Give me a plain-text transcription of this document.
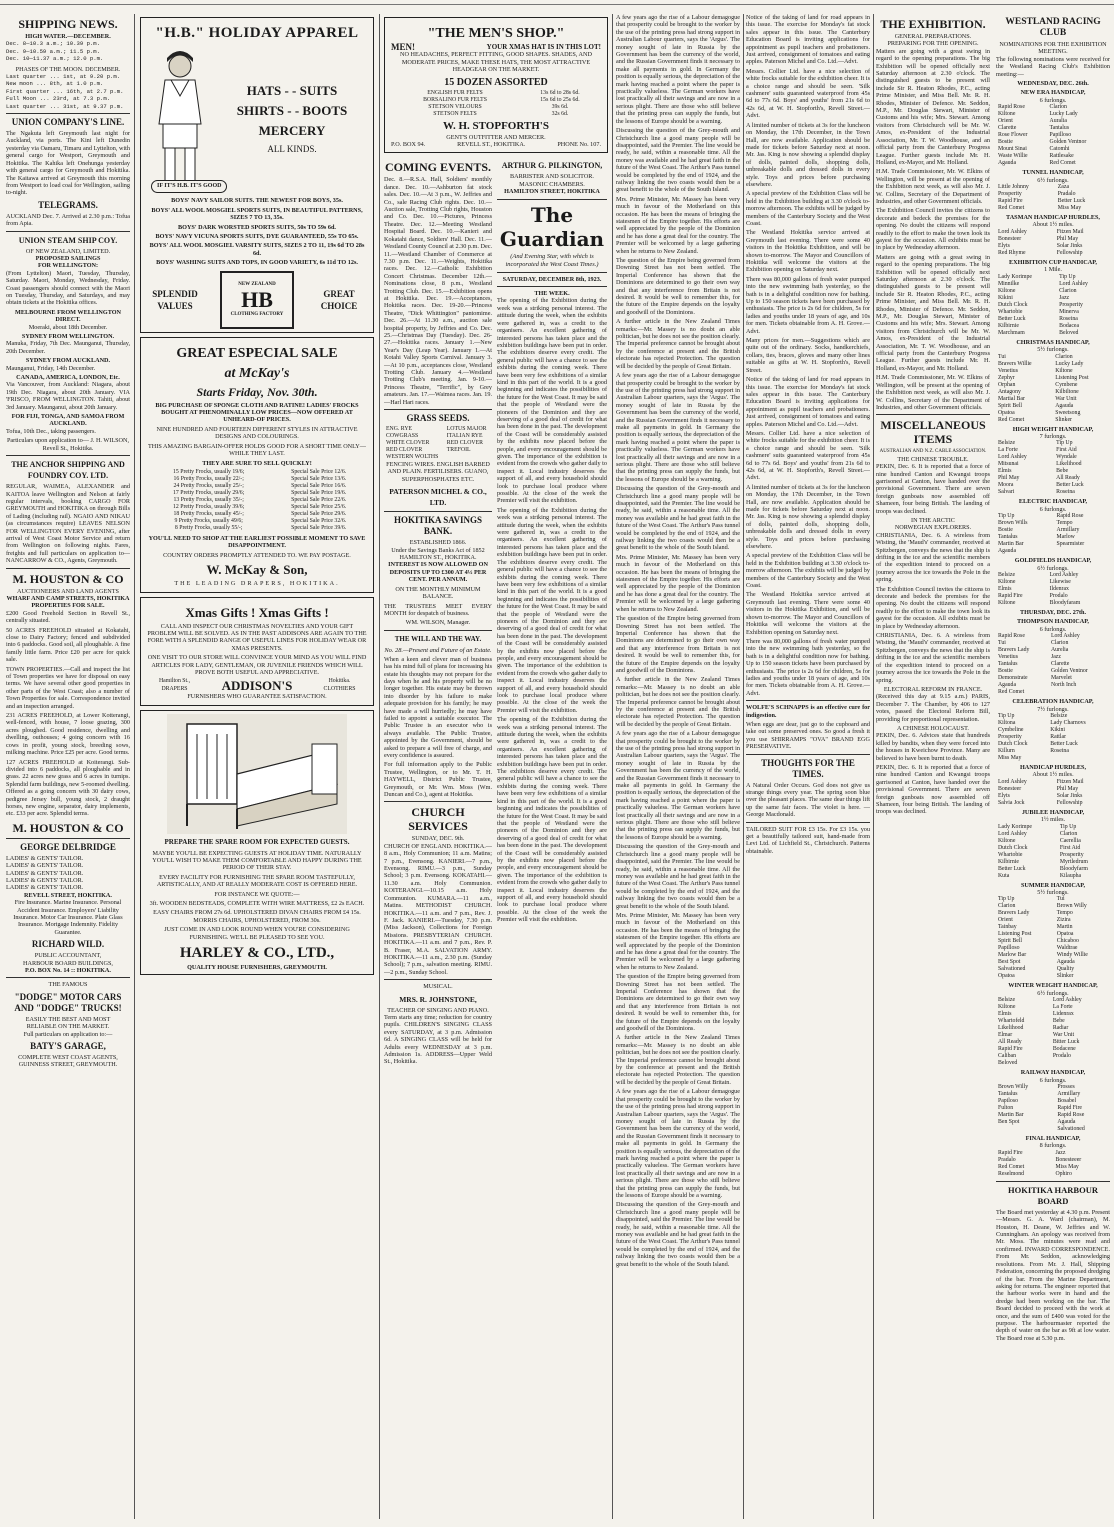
SHIPPING NEWS.
HIGH WATER.—DECEMBER.

Dec. 8—10.3 a.m.; 10.39 p.m.

Dec. 9—10.59 a.m.; 11.5 p.m.

Dec. 10—11.37 a.m.; 12.0 p.m.

PHASES OF THE MOON. DECEMBER.

Last quarter ... 1st, at 9.20 p.m.

New moon ... 8th, at 1.0 p.m.

First quarter ... 16th, at 2.7 p.m.

Full Moon ... 23rd, at 7.3 p.m.

Last quarter ... 31st, at 9.37 p.m.

UNION COMPANY'S LINE.

The Ngakuta left Greymouth last night for Auckland, via ports. The Kini left Dunedin yesterday via Oamaru, Timaru and Lyttelton, with general cargo for Westport, Greymouth and Hokitika. The Kahika left Onehunga yesterday with general cargo for Greymouth and Hokitika. The Kaitawa arrived at Greymouth this morning from Westport to load coal for Wellington, sailing to-night.

TELEGRAMS.

AUCKLAND Dec. 7. Arrived at 2.30 p.m.: Tofua from Apia.

UNION STEAM SHIP COY.
OF NEW ZEALAND, LIMITED.
PROPOSED SAILINGS
FOR WELLINGTON:

(From Lyttelton) Maori, Tuesday, Thursday, Saturday. Maori, Monday, Wednesday, Friday. Coast passengers should connect with the Maori on Tuesday, Thursday, and Saturdays, and may obtain tickets at the Hokitika offices.

MELBOURNE FROM WELLINGTON DIRECT.

Moeraki, about 18th December.

SYDNEY FROM WELLINGTON.

Manuka, Friday, 7th Dec. Maunganui, Thursday, 20th December.

SYDNEY FROM AUCKLAND.

Maunganui, Friday, 14th December.

CANADA, AMERICA, LONDON, Etc.

Via Vancouver, from Auckland: Niagara, about 19th Dec. Niagara, about 20th January. VIA 'FRISCO, FROM WELLINGTON. Tahiti, about 3rd January. Maunganui, about 20th January.

FOR FIJI, TONGA, AND SAMOA FROM AUCKLAND.

Tofua, 10th Dec., taking passengers.

Particulars upon application to— J. H. WILSON, Revell St., Hokitika.

THE ANCHOR SHIPPING AND FOUNDRY COY. LTD.

REGULAR, WAIMEA, ALEXANDER and KAITOA leave Wellington and Nelson at fairly regular intervals, booking CARGO FOR GREYMOUTH and HOKITIKA on through Bills of Lading (including rail). NGAIO AND NIKAU (as circumstances require) LEAVES NELSON FOR WELLINGTON EVERY EVENING, after arrival of West Coast Motor Service and return from Wellington on following nights. Fares, freights and full particulars on application to— NANCARROW & CO., Agents, Greymouth.

M. HOUSTON & CO
AUCTIONEERS AND LAND AGENTS
WHARF AND CAMP STREETS, HOKITIKA
PROPERTIES FOR SALE.

£200 Good Freehold Section in Revell St., centrally situated.

50 ACRES FREEHOLD situated at Kokatahi, close to Dairy Factory; fenced and subdivided into 6 paddocks. Good soil, all ploughable. A fine family little farm. Price £20 per acre for quick sale.

TOWN PROPERTIES.—Call and inspect the list of Town properties we have for disposal on easy terms. We have several other good properties in other parts of the West Coast; also a number of Town Properties for sale. Correspondence invited and an inspection arranged.

231 ACRES FREEHOLD, at Lower Kotterangi, well-fenced, with house, 7 loose grazing, 300 acres ploughed. Good residence, dwelling and dwelling, outhouses; 4 going concern with 16 cows in profit, young stock, breeding sows, milking machine. Price £25 per acre. Good terms.

127 ACRES FREEHOLD at Koiterangi. Sub-divided into 6 paddocks, all ploughable and in grass. 22 acres new grass and 6 acres in turnips. Splendid farm buildings, new 5-roomed dwelling. Offered as a going concern with 30 dairy cows, pedigree Jersey bull, young stock, 2 draught horses, new engine, separator, dairy implements, etc. £33 per acre. Splendid terms.

M. HOUSTON & CO
GEORGE DELBRIDGE

LADIES' & GENTS' TAILOR.

LADIES' & GENTS' TAILOR.

LADIES' & GENTS' TAILOR.

LADIES' & GENTS' TAILOR.

LADIES' & GENTS' TAILOR.

REVELL STREET, HOKITIKA.

Fire Insurance. Marine Insurance. Personal Accident Insurance. Employers' Liability Insurance. Motor Car Insurance. Plate Glass Insurance. Mortgage Indemnity. Fidelity Guarantee.

RICHARD WILD.
PUBLIC ACCOUNTANT,
HARBOUR BOARD BUILDINGS,
P.O. BOX No. 14 :: HOKITIKA.
THE FAMOUS
"DODGE" MOTOR CARS AND "DODGE" TRUCKS!
EASILY THE BEST AND MOST
RELIABLE ON THE MARKET.
Full particulars on application to:—
BATY'S GARAGE,
COMPLETE WEST COAST AGENTS,
GUINNESS STREET, GREYMOUTH.
"H.B." HOLIDAY APPAREL
HATS - - SUITS
SHIRTS - - BOOTS
MERCERY
ALL KINDS.
IF IT'S H.B. IT'S GOOD

BOYS' NAVY SAILOR SUITS. THE NEWEST FOR BOYS, 35s.

BOYS' ALL WOOL MOSGIEL SPORTS SUITS, IN BEAUTIFUL PATTERNS, SIZES 7 TO 13, 35s.

BOYS' DARK WORSTED SPORTS SUITS, 50s TO 59s 6d.

BOYS' NAVY VICUNA SPORTS SUITS, DYE GUARANTEED, 55s TO 65s.

BOYS' ALL WOOL MOSGIEL VARSITY SUITS, SIZES 2 TO 11, 19s 6d TO 28s 6d.

BOYS' WASHING SUITS AND TOPS, IN GOOD VARIETY, 6s 11d TO 12s.

SPLENDID
VALUES
NEW ZEALAND
HB
CLOTHING FACTORY
GREAT
CHOICE
GREAT ESPECIAL SALE
at McKay's
Starts Friday, Nov. 30th.

BIG PURCHASE OF SPONGE CLOTH AND RATINE! LADIES' FROCKS BOUGHT AT PHENOMINALLY LOW PRICES—NOW OFFERED AT UNHEARD-OF PRICES.

NINE HUNDRED AND FOURTEEN DIFFERENT STYLES IN ATTRACTIVE DESIGNS AND COLOURINGS.

THIS AMAZING BARGAIN-OFFER HOLDS GOOD FOR A SHORT TIME ONLY—WHILE THEY LAST.

THEY ARE SURE TO SELL QUICKLY!

15 Pretty Frocks, usually 19/6;	Special Sale Price 12/6.
16 Pretty Frocks, usually 22/-;	Special Sale Price 13/6.
24 Pretty Frocks, usually 25/-;	Special Sale Price 16/6.
17 Pretty Frocks, usually 29/6;	Special Sale Price 19/6.
13 Pretty Frocks, usually 35/-;	Special Sale Price 22/6.
12 Pretty Frocks, usually 39/6;	Special Sale Price 25/6.
18 Pretty Frocks, usually 45/-;	Special Sale Price 29/6.
9 Pretty Frocks, usually 49/6;	Special Sale Price 32/6.
8 Pretty Frocks, usually 55/-;	Special Sale Price 39/6.

YOU'LL NEED TO SHOP AT THE EARLIEST POSSIBLE MOMENT TO SAVE DISAPPOINTMENT.

COUNTRY ORDERS PROMPTLY ATTENDED TO. WE PAY POSTAGE.

W. McKay & Son,
THE LEADING DRAPERS, HOKITIKA.
Xmas Gifts ! Xmas Gifts !

CALL AND INSPECT OUR CHRISTMAS NOVELTIES AND YOUR GIFT PROBLEM WILL BE SOLVED. AS IN THE PAST ADDISONS ARE AGAIN TO THE FORE WITH A SPLENDID RANGE OF USEFUL LINES FOR HOLIDAY WEAR OR XMAS PRESENTS.

ONE VISIT TO OUR STORE WILL CONVINCE YOUR MIND AS YOU WILL FIND ARTICLES FOR LADY, GENTLEMAN, OR JUVENILE FRIENDS WHICH WILL PROVE BOTH USEFUL AND APPRECIATIVE.

Hamilton St., DRAPERS	ADDISON'S	Hokitika. CLOTHIERS
FURNISHERS WHO GUARANTEE SATISFACTION.
PREPARE THE SPARE ROOM FOR EXPECTED GUESTS.

MAYBE YOU'LL BE EXPECTING GUESTS AT HOLIDAY TIME. NATURALLY YOU'LL WISH TO MAKE THEM COMFORTABLE AND HAPPY DURING THE PERIOD OF THEIR STAY.

EVERY FACILITY FOR FURNISHING THE SPARE ROOM TASTEFULLY, ARTISTICALLY, AND AT REALLY MODERATE COST IS OFFERED HERE.

FOR INSTANCE WE QUOTE:—

3ft. WOODEN BEDSTEADS, COMPLETE WITH WIRE MATTRESS, £2 2s EACH.

EASY CHAIRS FROM 27s 6d. UPHOLSTERED DIVAN CHAIRS FROM £4 15s. MORRIS CHAIRS, UPHOLSTERED, FROM 30s.

JUST COME IN AND LOOK ROUND WHEN YOU'RE CONSIDERING FURNISHING. WE'LL BE PLEASED TO SEE YOU.

HARLEY & CO., LTD.,
QUALITY HOUSE FURNISHERS, GREYMOUTH.
"THE MEN'S SHOP."
MEN!	YOUR XMAS HAT IS IN THIS LOT!

NO HEADACHES, PERFECT FITTING, GOOD SHAPES. SHADES, AND MODERATE PRICES, MAKE THESE HATS, THE MOST ATTRACTIVE HEADGEAR ON THE MARKET.

15 DOZEN ASSORTED
ENGLISH FUR FELTS	13s 6d to 28s 6d.
BORSALINO FUR FELTS	15s 6d to 25s 6d.
STETSON VELOURS	39s 6d.
STETSON FELTS	32s 6d.
W. H. STOPFORTH'S
GENT'S OUTFITTER AND MERCER.
P.O. BOX 94.	REVELL ST., HOKITIKA.	PHONE No. 107.
COMING EVENTS.

Dec. 8.—R.S.A. Hall, Soldiers' monthly dance. Dec. 10.—Ashburton fat stock sales. Dec. 10.—At 3 p.m., W. Jeffries and Co., sale Racing Club rights. Dec. 10.—Auction sale, Trotting Club rights, Houston and Co. Dec. 10.—Pictures, Princess Theatre. Dec. 12.—Meeting Westland Hospital Board. Dec. 10.—Kanieri and Kokatahi dance, Soldiers' Hall. Dec. 11.—Westland County Council at 2.30 p.m. Dec. 11.—Westland Chamber of Commerce at 7.30 p.m. Dec. 11.—Weights, Hokitika races. Dec. 12.—Catholic Exhibition Concert Christmas. December 12th.—Nominations close, 8 p.m., Westland Trotting Club. Dec. 15.—Exhibition opens at Hokitika. Dec. 19.—Acceptances, Hokitika races. Dec. 19-20.—Princess Theatre, "Dick Whittington" pantomime. Dec. 26.—At 11.30 a.m., auction sale hospital property, by Jeffries and Co. Dec. 25.—Christmas Day (Tuesday). Dec. 26-27.—Hokitika races. January 1.—New Year's Day (Leap Year). January 1.—At Kotahi Valley Sports Carnival. January 3.—At 10 p.m., acceptances close, Westland Trotting Club. January 4.—Westland Trotting Club's meeting. Jan. 9-10.—Princess Theatre, "Terrific", by Grey amateurs. Jan. 17.—Waimea races. Jan. 19.—Harl Hari races.

GRASS SEEDS.
ENG. RYE	LOTUS MAJOR
COWGRASS	ITALIAN RYE
WHITE CLOVER	RED CLOVER
RED CLOVER	TREFOIL
WESTERN WOLTHS	

FENCING WIRES. ENGLISH BARBED AND PLAIN. FERTILISERS. GUANO, SUPERPHOSPHATES ETC.

PATERSON MICHEL & CO., LTD.
HOKITIKA SAVINGS BANK.
ESTABLISHED 1866.
Under the Savings Banks Act of 1852
HAMILTON ST., HOKITIKA.

INTEREST IS NOW ALLOWED ON DEPOSITS UP TO £300 AT 4½ PER CENT. PER ANNUM.

ON THE MONTHLY MINIMUM BALANCE.

THE TRUSTEES MEET EVERY MONTH for despatch of business.

WM. WILSON, Manager.

THE WILL AND THE WAY.
No. 28.—Present and Future of an Estate.

When a keen and clever man of business has his mind full of plans for increasing his estate his thoughts may not prepare for the days when he and his property will be no longer together. His estate may be thrown into disorder by his failure to make adequate provision for his family; he may have made a will hurriedly; he may have failed to appoint a suitable executor. The Public Trustee is an executor who is always available. The Public Trustee, appointed by the Government, should be asked to prepare a will free of charge, and every confidence is assured.

For full information apply to the Public Trustee, Wellington, or to Mr. T. H. HAYWELL, District Public Trustee, Greymouth, or Mr. Wm. Moss (Wm. Duncan and Co.), agent at Hokitika.

CHURCH SERVICES
SUNDAY, DEC. 9th.

CHURCH OF ENGLAND. HOKITIKA.—8 a.m., Holy Communion; 11 a.m. Matins; 7 p.m., Evensong. KANIERI.—7 p.m., Evensong. RIMU.—3 p.m., Sunday School; 3 p.m. Evensong. KOKATAHI.—11.30 a.m. Holy Communion. KOITERANGI.—10.15 a.m. Holy Communion. KUMARA.—11 a.m., Matins. METHODIST CHURCH. HOKITIKA.—11 a.m. and 7 p.m., Rev. J. F. Jack. KANIERI.—Tuesday, 7.30 p.m. (Miss Jackson), Collections for Foreign Missions. PRESBYTERIAN CHURCH. HOKITIKA.—11 a.m. and 7 p.m., Rev. P. B. Fraser, M.A. SALVATION ARMY. HOKITIKA.—11 a.m., 2.30 p.m. (Sunday School); 7 p.m., salvation meeting. RIMU.—2 p.m., Sunday School.

MUSICAL.
MRS. R. JOHNSTONE,
TEACHER OF SINGING AND PIANO.

Term starts any time; reduction for country pupils. CHILDREN'S SINGING CLASS every SATURDAY, at 3 p.m. Admission 6d. A SINGING CLASS will be held for Adults every WEDNESDAY at 3 p.m. Admission 1s. ADDRESS—Upper Weld St., Hokitika.

ARTHUR G. PILKINGTON,
BARRISTER AND SOLICITOR.
MASONIC CHAMBERS.
HAMILTON STREET, HOKITIKA
The Guardian
(And Evening Star, with which is incorporated the West Coast Times.)
SATURDAY, DECEMBER 8th, 1923.
THE WEEK.

The opening of the Exhibition during the week was a striking personal interest. The attitude during the week, when the exhibits were gathered in, was a credit to the organisers. An excellent gathering of interested persons has taken place and the exhibition buildings have been put in order. The exhibitors deserve every credit. The general public will have a chance to see the exhibits during the coming week. There have been very few exhibitions of a similar kind in this part of the world. It is a good beginning and indicates the possibilities of the future for the West Coast. It may be said that the people of Westland were the pioneers of the Dominion and they are deserving of a good deal of credit for what has been done in the past. The development of the Coast will be considerably assisted by the exhibits now placed before the people, and every encouragement should be given. The importance of the exhibition is evident from the crowds who gather daily to inspect it. Local industry deserves the support of all, and every household should look to purchase local produce where possible. At the close of the week the Premier will visit the exhibition.

The opening of the Exhibition during the week was a striking personal interest. The attitude during the week, when the exhibits were gathered in, was a credit to the organisers. An excellent gathering of interested persons has taken place and the exhibition buildings have been put in order. The exhibitors deserve every credit. The general public will have a chance to see the exhibits during the coming week. There have been very few exhibitions of a similar kind in this part of the world. It is a good beginning and indicates the possibilities of the future for the West Coast. It may be said that the people of Westland were the pioneers of the Dominion and they are deserving of a good deal of credit for what has been done in the past. The development of the Coast will be considerably assisted by the exhibits now placed before the people, and every encouragement should be given. The importance of the exhibition is evident from the crowds who gather daily to inspect it. Local industry deserves the support of all, and every household should look to purchase local produce where possible. At the close of the week the Premier will visit the exhibition.

The opening of the Exhibition during the week was a striking personal interest. The attitude during the week, when the exhibits were gathered in, was a credit to the organisers. An excellent gathering of interested persons has taken place and the exhibition buildings have been put in order. The exhibitors deserve every credit. The general public will have a chance to see the exhibits during the coming week. There have been very few exhibitions of a similar kind in this part of the world. It is a good beginning and indicates the possibilities of the future for the West Coast. It may be said that the people of Westland were the pioneers of the Dominion and they are deserving of a good deal of credit for what has been done in the past. The development of the Coast will be considerably assisted by the exhibits now placed before the people, and every encouragement should be given. The importance of the exhibition is evident from the crowds who gather daily to inspect it. Local industry deserves the support of all, and every household should look to purchase local produce where possible. At the close of the week the Premier will visit the exhibition.

A few years ago the rise of a Labour demagogue that prosperity could be brought to the worker by the use of the printing press had strong support in Australian Labour quarters, says the 'Argus'. The money sought of late in Russia by the Government has been the currency of the world, and the Russian Government finds it necessary to make all payments in gold. In Germany the position is equally serious, the depreciation of the mark having reached a point where the paper is practically valueless. The German workers have lost practically all their savings and are now in a serious plight. There are those who still believe that the printing press can supply the funds, but the lessons of Europe should be a warning.

Discussing the question of the Grey-mouth and Christchurch line a good many people will be disappointed, said the Premier. The line would be ready, he said, within a reasonable time. All the money was available and he had great faith in the future of the West Coast. The Arthur's Pass tunnel would be completed by the end of 1924, and the railway linking the two coasts would then be a great benefit to the whole of the South Island.

Mrs. Prime Minister, Mr. Massey has been very much in favour of the Motherland on this occasion. He has been the means of bringing the statesmen of the Empire together. His efforts are well appreciated by the people of the Dominion and he has done a great deal for the country. The Premier will be welcomed by a large gathering when he returns to New Zealand.

The question of the Empire being governed from Downing Street has not been settled. The Imperial Conference has shown that the Dominions are determined to go their own way and that any interference from Britain is not desired. It would be well to remember this, for the future of the Empire depends on the loyalty and goodwill of the Dominions.

A further article in the New Zealand Times remarks:—Mr. Massey is no doubt an able politician, but he does not see the position clearly. The Imperial preference cannot be brought about by the conference at present and the British electorate has rejected Protection. The question will be decided by the people of Great Britain.

A few years ago the rise of a Labour demagogue that prosperity could be brought to the worker by the use of the printing press had strong support in Australian Labour quarters, says the 'Argus'. The money sought of late in Russia by the Government has been the currency of the world, and the Russian Government finds it necessary to make all payments in gold. In Germany the position is equally serious, the depreciation of the mark having reached a point where the paper is practically valueless. The German workers have lost practically all their savings and are now in a serious plight. There are those who still believe that the printing press can supply the funds, but the lessons of Europe should be a warning.

Discussing the question of the Grey-mouth and Christchurch line a good many people will be disappointed, said the Premier. The line would be ready, he said, within a reasonable time. All the money was available and he had great faith in the future of the West Coast. The Arthur's Pass tunnel would be completed by the end of 1924, and the railway linking the two coasts would then be a great benefit to the whole of the South Island.

Mrs. Prime Minister, Mr. Massey has been very much in favour of the Motherland on this occasion. He has been the means of bringing the statesmen of the Empire together. His efforts are well appreciated by the people of the Dominion and he has done a great deal for the country. The Premier will be welcomed by a large gathering when he returns to New Zealand.

The question of the Empire being governed from Downing Street has not been settled. The Imperial Conference has shown that the Dominions are determined to go their own way and that any interference from Britain is not desired. It would be well to remember this, for the future of the Empire depends on the loyalty and goodwill of the Dominions.

A further article in the New Zealand Times remarks:—Mr. Massey is no doubt an able politician, but he does not see the position clearly. The Imperial preference cannot be brought about by the conference at present and the British electorate has rejected Protection. The question will be decided by the people of Great Britain.

A few years ago the rise of a Labour demagogue that prosperity could be brought to the worker by the use of the printing press had strong support in Australian Labour quarters, says the 'Argus'. The money sought of late in Russia by the Government has been the currency of the world, and the Russian Government finds it necessary to make all payments in gold. In Germany the position is equally serious, the depreciation of the mark having reached a point where the paper is practically valueless. The German workers have lost practically all their savings and are now in a serious plight. There are those who still believe that the printing press can supply the funds, but the lessons of Europe should be a warning.

Discussing the question of the Grey-mouth and Christchurch line a good many people will be disappointed, said the Premier. The line would be ready, he said, within a reasonable time. All the money was available and he had great faith in the future of the West Coast. The Arthur's Pass tunnel would be completed by the end of 1924, and the railway linking the two coasts would then be a great benefit to the whole of the South Island.

Mrs. Prime Minister, Mr. Massey has been very much in favour of the Motherland on this occasion. He has been the means of bringing the statesmen of the Empire together. His efforts are well appreciated by the people of the Dominion and he has done a great deal for the country. The Premier will be welcomed by a large gathering when he returns to New Zealand.

The question of the Empire being governed from Downing Street has not been settled. The Imperial Conference has shown that the Dominions are determined to go their own way and that any interference from Britain is not desired. It would be well to remember this, for the future of the Empire depends on the loyalty and goodwill of the Dominions.

A further article in the New Zealand Times remarks:—Mr. Massey is no doubt an able politician, but he does not see the position clearly. The Imperial preference cannot be brought about by the conference at present and the British electorate has rejected Protection. The question will be decided by the people of Great Britain.

A few years ago the rise of a Labour demagogue that prosperity could be brought to the worker by the use of the printing press had strong support in Australian Labour quarters, says the 'Argus'. The money sought of late in Russia by the Government has been the currency of the world, and the Russian Government finds it necessary to make all payments in gold. In Germany the position is equally serious, the depreciation of the mark having reached a point where the paper is practically valueless. The German workers have lost practically all their savings and are now in a serious plight. There are those who still believe that the printing press can supply the funds, but the lessons of Europe should be a warning.

Discussing the question of the Grey-mouth and Christchurch line a good many people will be disappointed, said the Premier. The line would be ready, he said, within a reasonable time. All the money was available and he had great faith in the future of the West Coast. The Arthur's Pass tunnel would be completed by the end of 1924, and the railway linking the two coasts would then be a great benefit to the whole of the South Island.

Notice of the taking of land for road appears in this issue. The exercise for Monday's fat stock sales appear in this issue. The Canterbury Education Board is inviting applications for appointment as pupil teachers and probationers. Just arrived, consignment of tomatoes and eating apples. Paterson Michel and Co. Ltd.—Advt.

Messrs. Collier Ltd. have a nice selection of white frocks suitable for the exhibition cheer. It is a choice range and should be seen. 'Silk cashmere' suits guaranteed waterproof from 45s 6d to 77s 6d. Boys' and youths' from 21s 6d to 42s 6d, at W. H. Stopforth's, Revell Street.—Advt.

A limited number of tickets at 3s for the luncheon on Monday, the 17th December, in the Town Hall, are now available. Application should be made for tickets before Saturday next at noon. Mr. Jas. King is now showing a splendid display of dolls, painted dolls, shopping dolls, unbreakable dolls and dressed dolls in every style. Toys and prices before purchasing elsewhere.

A special preview of the Exhibition Class will be held in the Exhibition building at 3.30 o'clock to-morrow afternoon. The exhibits will be judged by members of the Canterbury Society and the West Coast.

The Westland Hokitika service arrived at Greymouth last evening. There were some 40 visitors in the Hokitika Exhibition, and will be shown to-morrow. The Mayor and Councillors of Hokitika will welcome the visitors at the Exhibition opening on Saturday next.

There was 80,000 gallons of fresh water pumped into the new swimming bath yesterday, so the bath is in a delightful condition now for bathing. Up to 150 season tickets have been purchased by enthusiasts. The price is 2s 6d for children, 5s for ladies and youths under 18 years of age, and 10s for men. Tickets obtainable from A. H. Grove.—Advt.

Many prices for men.—Suggestions which are quite out of the ordinary. Socks, handkerchiefs, collars, ties, braces, gloves and many other lines suitable as gifts at W. H. Stopforth's, Revell Street.

Notice of the taking of land for road appears in this issue. The exercise for Monday's fat stock sales appear in this issue. The Canterbury Education Board is inviting applications for appointment as pupil teachers and probationers. Just arrived, consignment of tomatoes and eating apples. Paterson Michel and Co. Ltd.—Advt.

Messrs. Collier Ltd. have a nice selection of white frocks suitable for the exhibition cheer. It is a choice range and should be seen. 'Silk cashmere' suits guaranteed waterproof from 45s 6d to 77s 6d. Boys' and youths' from 21s 6d to 42s 6d, at W. H. Stopforth's, Revell Street.—Advt.

A limited number of tickets at 3s for the luncheon on Monday, the 17th December, in the Town Hall, are now available. Application should be made for tickets before Saturday next at noon. Mr. Jas. King is now showing a splendid display of dolls, painted dolls, shopping dolls, unbreakable dolls and dressed dolls in every style. Toys and prices before purchasing elsewhere.

A special preview of the Exhibition Class will be held in the Exhibition building at 3.30 o'clock to-morrow afternoon. The exhibits will be judged by members of the Canterbury Society and the West Coast.

The Westland Hokitika service arrived at Greymouth last evening. There were some 40 visitors in the Hokitika Exhibition, and will be shown to-morrow. The Mayor and Councillors of Hokitika will welcome the visitors at the Exhibition opening on Saturday next.

There was 80,000 gallons of fresh water pumped into the new swimming bath yesterday, so the bath is in a delightful condition now for bathing. Up to 150 season tickets have been purchased by enthusiasts. The price is 2s 6d for children, 5s for ladies and youths under 18 years of age, and 10s for men. Tickets obtainable from A. H. Grove.—Advt.

WOLFE'S SCHNAPPS is an effective cure for indigestion.

When eggs are dear, just go to the cupboard and take out some preserved ones. So good a fresh it you use SHIRRAMPS "OVA" BRAND EGG PRESERVATIVE.

THOUGHTS FOR THE TIMES.

A Natural Order Occurs. God does not give us strange things every year. The spring soon blue over the pleasant places. The same dear things lift up the same fair faces. The violet is here. —George Macdonald.

TAILORED SUIT FOR £3 15s. For £3 15s. you get a beautifully tailored suit, hand-made from Levi Ltd. of Lichfield St., Christchurch. Patterns obtainable.

THE EXHIBITION.
GENERAL PREPARATIONS.
PREPARING FOR THE OPENING.

Matters are going with a great swing in regard to the opening preparations. The big Exhibition will be opened officially next Saturday afternoon at 2.30 o'clock. The distinguished guests to be present will include Sir R. Heaton Rhodes, P.C., acting Prime Minister, and Miss Bell. Mr. R. H. Rhodes, Minister of Defence. Mr. Seddon, M.P., Mr. Douglas Stewart, Minister of Customs and his wife; Mrs. Stewart. Among visitors from Christchurch will be Mr. W. Amos, ex-President of the Industrial Association, Mr. T. W. Woodhouse, and an official party from the Canterbury Progress League. Further guests include Mr. H. Holland, ex-Mayor, and Mr. Holland.

H.M. Trade Commissioner, Mr. W. Elkins of Wellington, will be present at the opening of the Exhibition next week, as will also Mr. J. W. Collins, Secretary of the Department of Industries, and other Government officials.

The Exhibition Council invites the citizens to decorate and bedeck the premises for the opening. No doubt the citizens will respond readily to the effort to make the town look its gayest for the occasion. All exhibits must be in place by Wednesday afternoon.

Matters are going with a great swing in regard to the opening preparations. The big Exhibition will be opened officially next Saturday afternoon at 2.30 o'clock. The distinguished guests to be present will include Sir R. Heaton Rhodes, P.C., acting Prime Minister, and Miss Bell. Mr. R. H. Rhodes, Minister of Defence. Mr. Seddon, M.P., Mr. Douglas Stewart, Minister of Customs and his wife; Mrs. Stewart. Among visitors from Christchurch will be Mr. W. Amos, ex-President of the Industrial Association, Mr. T. W. Woodhouse, and an official party from the Canterbury Progress League. Further guests include Mr. H. Holland, ex-Mayor, and Mr. Holland.

H.M. Trade Commissioner, Mr. W. Elkins of Wellington, will be present at the opening of the Exhibition next week, as will also Mr. J. W. Collins, Secretary of the Department of Industries, and other Government officials.

MISCELLANEOUS ITEMS
AUSTRALIAN AND N.Z. CABLE ASSOCIATION.
THE CHINESE TROUBLE.

PEKIN, Dec. 6. It is reported that a force of nine hundred Canton and Kwangsi troops garrisoned at Canton, have handed over the provisional Government. There are seven foreign gunboats now assembled off Shameen, four being British. The landing of troops was declined.

IN THE ARCTIC
NORWEGIAN EXPLORERS.

CHRISTIANIA, Dec. 6. A wireless from Wisting, the 'Maud's' commander, received at Spitzbergen, conveys the news that the ship is drifting in the ice and the scientific members of the expedition intend to proceed on a journey across the ice towards the Pole in the spring.

The Exhibition Council invites the citizens to decorate and bedeck the premises for the opening. No doubt the citizens will respond readily to the effort to make the town look its gayest for the occasion. All exhibits must be in place by Wednesday afternoon.

CHRISTIANIA, Dec. 6. A wireless from Wisting, the 'Maud's' commander, received at Spitzbergen, conveys the news that the ship is drifting in the ice and the scientific members of the expedition intend to proceed on a journey across the ice towards the Pole in the spring.

ELECTORAL REFORM IN FRANCE.

(Received this day at 9.15 a.m.) PARIS, December 7. The Chamber, by 406 to 127 votes, passed the Electoral Reform Bill, providing for proportional representation.

A CHINESE HOLOCAUST.

PEKIN, Dec. 6. Advices state that hundreds killed by bandits, when they were forced into the houses in Kweichow Province. Many are believed to have been burnt to death.

PEKIN, Dec. 6. It is reported that a force of nine hundred Canton and Kwangsi troops garrisoned at Canton, have handed over the provisional Government. There are seven foreign gunboats now assembled off Shameen, four being British. The landing of troops was declined.

WESTLAND RACING CLUB
NOMINATIONS FOR THE EXHIBITION MEETING.

The following nominations were received for the Westland Racing Club's Exhibition meeting:—

WEDNESDAY, DEC. 26th.
NEW ERA HANDICAP,
6 furlongs.
Rapid Rose	Clarion
Kiltone	Lucky Lady
Orient	Auralia
Clarette	Tantalus
Rose Flower	Papilloso
Bostie	Golden Ventnor
Mount Sinai	Catomhi
Waste Willie	Rattlesake
Agauda	Red Comet
TUNNEL HANDICAP,
6½ furlongs.
Little Johnny	Zaza
Prosperity	Pradalo
Rapid Fire	Better Luck
Red Comet	Miss May
TASMAN HANDICAP HURDLES,
About 1½ miles.
Lord Ashley	Fitzen Mail
Bonesteer	Phil May
Elyts	Solar Jinks
Red Rhyme	Fellowship
EXHIBITION CUP HANDICAP,
1 Mile.
Lady Korimpe	Tip Up
Minnilke	Lord Ashley
Kiltone	Clarion
Kikini	Jazz
Dutch Clock	Prosperity
Whartobie	Minerva
Better Luck	Roseina
Kilbirnie	Bodacea
Marchmam	Beloved
CHRISTMAS HANDICAP,
5½ furlongs.
Tui	Clarion
Bravers Willie	Lucky Lady
Venetius	Kiltone
Zephyr	Listening Post
Orphan	Cymbene
Antagony	Kilbiltone
Martial Bar	War Unit
Spirit Bell	Agauda
Opatoa	Sweetsong
Red Comet	Slinker
HIGH WEIGHT HANDICAP,
7 furlongs.
Belsize	Tip Up
La Forte	First Aid
Lord Ashley	Wyndale
Mitsunai	Likelihood
Elmis	Bebe
Phil May	All Ready
Moora	Better Luck
Salvari	Roseina
ELECTRIC HANDICAP,
6 furlongs.
Tip Up	Rapid Rose
Brown Wills	Tempo
Bostie	Armillary
Tantalus	Marlow
Martin Bar	Spearmister
Agauda	
GOLDFIELDS HANDICAP,
6½ furlongs.
Belsize	Lord Ashley
Kiltone	Likewise
Elmis	Ildenrax
Rapid Fire	Prodalo
Kiltone	Bloodyfaram
THURSDAY, DEC. 27th.
THOMPSON HANDICAP,
6 furlongs.
Rapid Rose	Lord Ashley
Tui	Clarion
Bravers Lady	Aurelia
Venetius	Jazz
Tantalus	Clarette
Bostie	Golden Ventnor
Demonstrate	Marvelet
Agauda	North Inch
Red Comet	
CELEBRATION HANDICAP,
7½ furlongs.
Tip Up	Belsize
Kiltona	Lady Charnovs
Cymbeline	Kikini
Prosperity	Rattlar
Dutch Clock	Better Luck
Killurn	Roseina
Miss May	
HANDICAP HURDLES,
About 1½ miles.
Lord Ashley	Fitzen Mail
Bonesteer	Phil May
Elyts	Solar Jinks
Salvia Jock	Fellowship
JUBILEE HANDICAP,
1½ miles.
Lady Korimpe	Tip Up
Lord Ashley	Clarion
Kiltone	Caerellia
Dutch Clock	First Aid
Whartobie	Prosperity
Kilbirnie	Myrtledrum
Better Luck	Bloodyfarm
Kuta	Kilaupha
SUMMER HANDICAP,
5½ furlongs.
Tip Up	Tui
Clarion	Brown Willy
Bravers Lady	Tempo
Orient	Zizira
Tainbay	Martin
Listening Post	Opatoa
Spirit Bell	Chicaboo
Papilloso	Waldtrae
Marlow Bar	Windy Willie
Best Spot	Agauda
Salvationed	Quality
Opatoa	Slinker
WINTER WEIGHT HANDICAP,
6½ furlongs.
Belsize	Lord Ashley
Kiltone	La Forte
Elmis	Lidenrax
Whartofeld	Bebe
Likelihood	Radiar
Elmar	War Unit
All Ready	Bitter Luck
Rapid Fire	Bodacene
Caliban	Prodalo
Beloved	
RAILWAY HANDICAP,
6 furlongs.
Brown Willy	Prosses
Tantalus	Armillary
Papiloso	Bosabel
Fulton	Rapid Fire
Martin Bar	Rapid Rose
Ben Spot	Agauda
	Salvationed
FINAL HANDICAP,
8 furlongs.
Rapid Fire	Jazz
Pradalo	Bonesteeer
Red Comet	Miss May
Reselmond	Ophiro
HOKITIKA HARBOUR BOARD

The Board met yesterday at 4.30 p.m. Present—Messrs. G. A. Ward (chairman), M. Houston, H. Deane, W. Jeffries and W. Cunningham. An apology was received from Mr. Moss. The minutes were read and confirmed. INWARD CORRESPONDENCE. From Mr. Seddon, acknowledging resolutions. From Mr. J. Hall, Shipping Federation, concerning the proposed dredging of the bar. From the Marine Department, asking for returns. The engineer reported that the harbour works were in hand and the dredge had been working on the bar. The Board decided to proceed with the work at once, and the sum of £400 was voted for the purpose. The harbourmaster reported the depth of water on the bar as 9ft at low water. The Board rose at 5.30 p.m.
